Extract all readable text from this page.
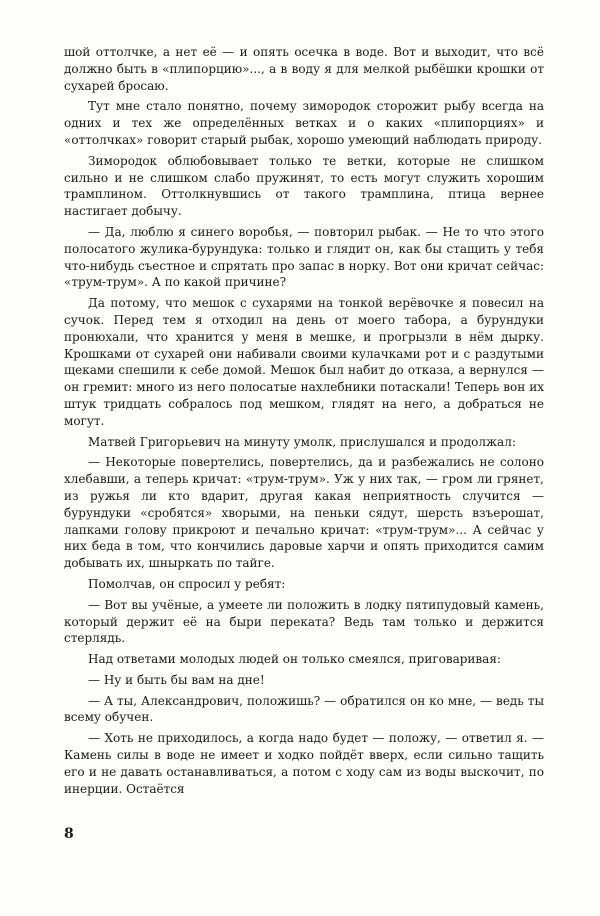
шой оттолчке, а нет её — и опять осечка в воде. Вот и выходит, что всё должно быть в «плипорцию»..., а в воду я для мелкой рыбёшки крошки от сухарей бросаю.

Тут мне стало понятно, почему зимородок сторожит рыбу всегда на одних и тех же определённых ветках и о каких «плипорциях» и «оттолчках» говорит старый рыбак, хорошо умеющий наблюдать природу.

Зимородок облюбовывает только те ветки, которые не слишком сильно и не слишком слабо пружинят, то есть могут служить хорошим трамплином. Оттолкнувшись от такого трамплина, птица вернее настигает добычу.

— Да, люблю я синего воробья, — повторил рыбак. — Не то что этого полосатого жулика-бурундука: только и глядит он, как бы стащить у тебя что-нибудь съестное и спрятать про запас в норку. Вот они кричат сейчас: «трум-трум». А по какой причине?

Да потому, что мешок с сухарями на тонкой верёвочке я повесил на сучок. Перед тем я отходил на день от моего табора, а бурундуки пронюхали, что хранится у меня в мешке, и прогрызли в нём дырку. Крошками от сухарей они набивали своими кулачками рот и с раздутыми щеками спешили к себе домой. Мешок был набит до отказа, а вернулся — он гремит: много из него полосатые нахлебники потаскали! Теперь вон их штук тридцать собралось под мешком, глядят на него, а добраться не могут.

Матвей Григорьевич на минуту умолк, прислушался и продолжал:

— Некоторые повертелись, повертелись, да и разбежались не солоно хлебавши, а теперь кричат: «трум-трум». Уж у них так, — гром ли грянет, из ружья ли кто вдарит, другая какая неприятность случится — бурундуки «сробятся» хворыми, на пеньки сядут, шерсть взъерошат, лапками голову прикроют и печально кричат: «трум-трум»... А сейчас у них беда в том, что кончились даровые харчи и опять приходится самим добывать их, шныркать по тайге.

Помолчав, он спросил у ребят:

— Вот вы учёные, а умеете ли положить в лодку пятипудовый камень, который держит её на быри переката? Ведь там только и держится стерлядь.

Над ответами молодых людей он только смеялся, приговаривая:

— Ну и быть бы вам на дне!

— А ты, Александрович, положишь? — обратился он ко мне, — ведь ты всему обучен.

— Хоть не приходилось, а когда надо будет — положу, — ответил я. — Камень силы в воде не имеет и ходко пойдёт вверх, если сильно тащить его и не давать останавливаться, а потом с ходу сам из воды выскочит, по инерции. Остаётся

8
